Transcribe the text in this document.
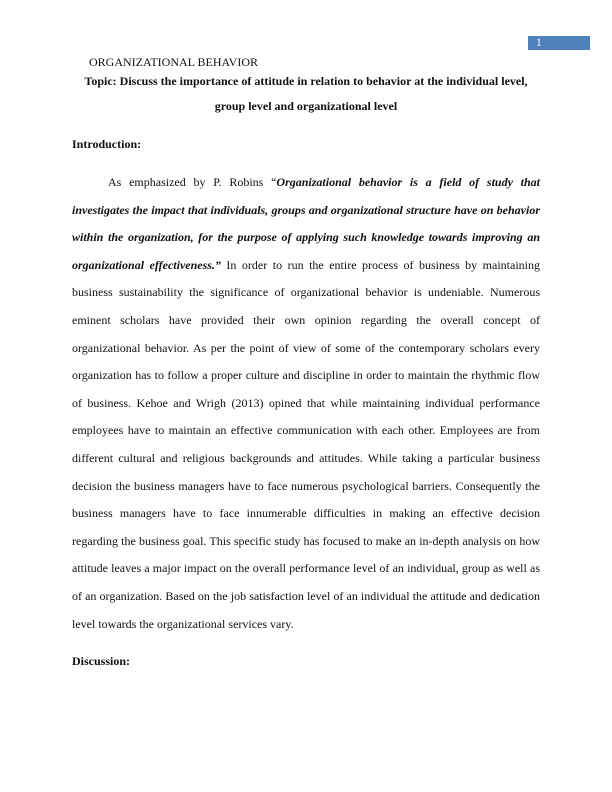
1
ORGANIZATIONAL BEHAVIOR
Topic: Discuss the importance of attitude in relation to behavior at the individual level,
group level and organizational level
Introduction:
As emphasized by P. Robins “Organizational behavior is a field of study that
investigates the impact that individuals, groups and organizational structure have on behavior
within the organization, for the purpose of applying such knowledge towards improving an
organizational effectiveness.” In order to run the entire process of business by maintaining
business sustainability the significance of organizational behavior is undeniable. Numerous
eminent scholars have provided their own opinion regarding the overall concept of
organizational behavior. As per the point of view of some of the contemporary scholars every
organization has to follow a proper culture and discipline in order to maintain the rhythmic flow
of business. Kehoe and Wrigh (2013) opined that while maintaining individual performance
employees have to maintain an effective communication with each other. Employees are from
different cultural and religious backgrounds and attitudes. While taking a particular business
decision the business managers have to face numerous psychological barriers. Consequently the
business managers have to face innumerable difficulties in making an effective decision
regarding the business goal. This specific study has focused to make an in-depth analysis on how
attitude leaves a major impact on the overall performance level of an individual, group as well as
of an organization. Based on the job satisfaction level of an individual the attitude and dedication
level towards the organizational services vary.
Discussion:
